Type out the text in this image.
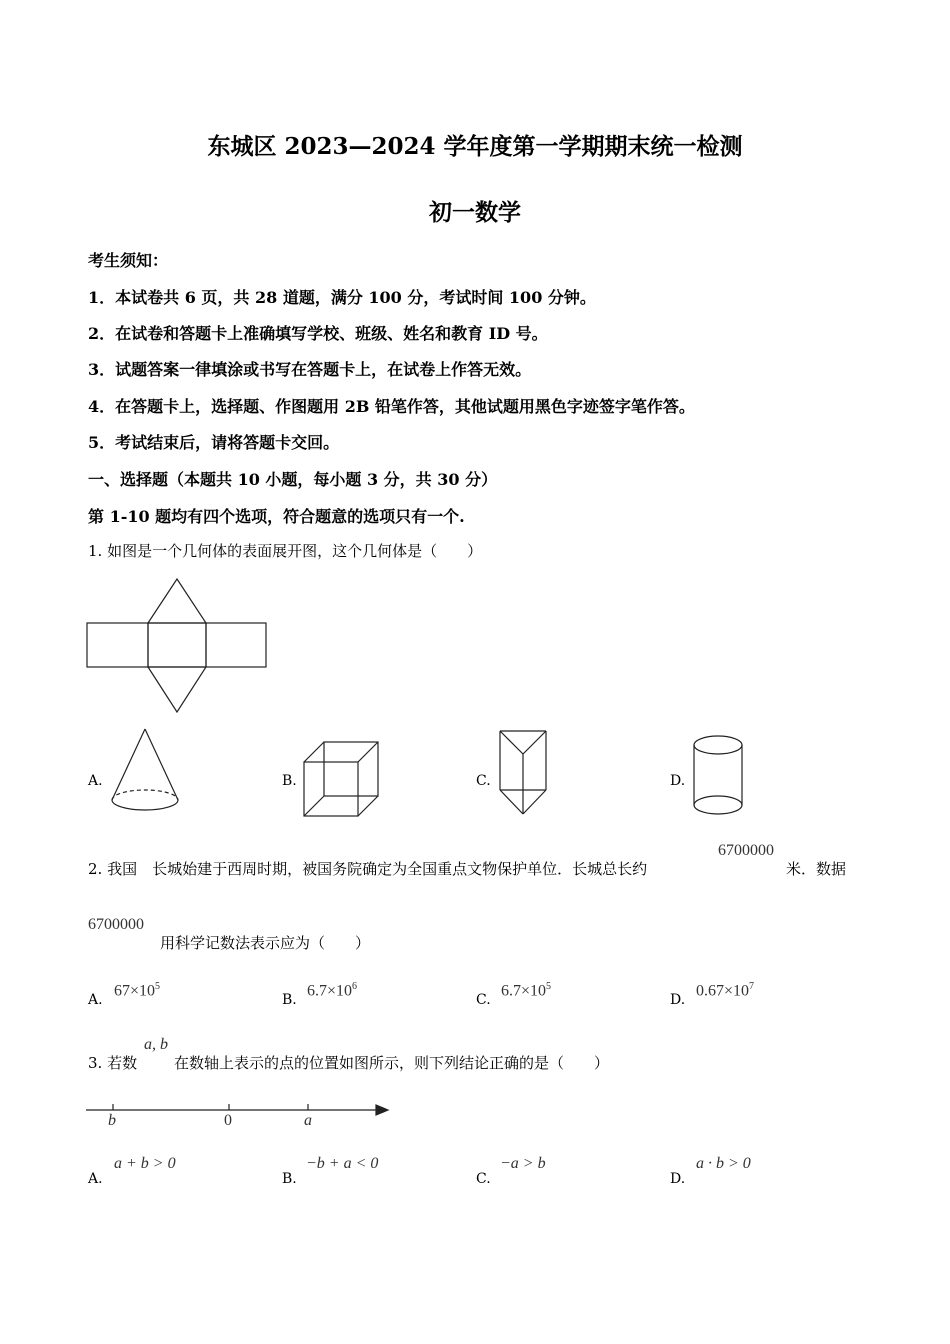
东城区 2023—2024 学年度第一学期期末统一检测
初一数学
考生须知：
1．本试卷共 6 页，共 28 道题，满分 100 分，考试时间 100 分钟。
2．在试卷和答题卡上准确填写学校、班级、姓名和教育 ID 号。
3．试题答案一律填涂或书写在答题卡上，在试卷上作答无效。
4．在答题卡上，选择题、作图题用 2B 铅笔作答，其他试题用黑色字迹签字笔作答。
5．考试结束后，请将答题卡交回。
一、选择题（本题共 10 小题，每小题 3 分，共 30 分）
第 1-10 题均有四个选项，符合题意的选项只有一个.
1. 如图是一个几何体的表面展开图，这个几何体是（　　）
A.	B.	C.	D.
2. 我国　长城始建于西周时期，被国务院确定为全国重点文物保护单位．长城总长约
6700000
米．数据
6700000
用科学记数法表示应为（　　）
A.
$67\times 10^5$
B.
$6.7\times 10^6$
C.
$6.7\times 10^5$
D.
$0.67\times 10^7$
3. 若数
a, b
在数轴上表示的点的位置如图所示，则下列结论正确的是（　　）
b	0	a
A.
a + b > 0
B.
−b + a < 0
C.
−a > b
D.
a · b > 0
